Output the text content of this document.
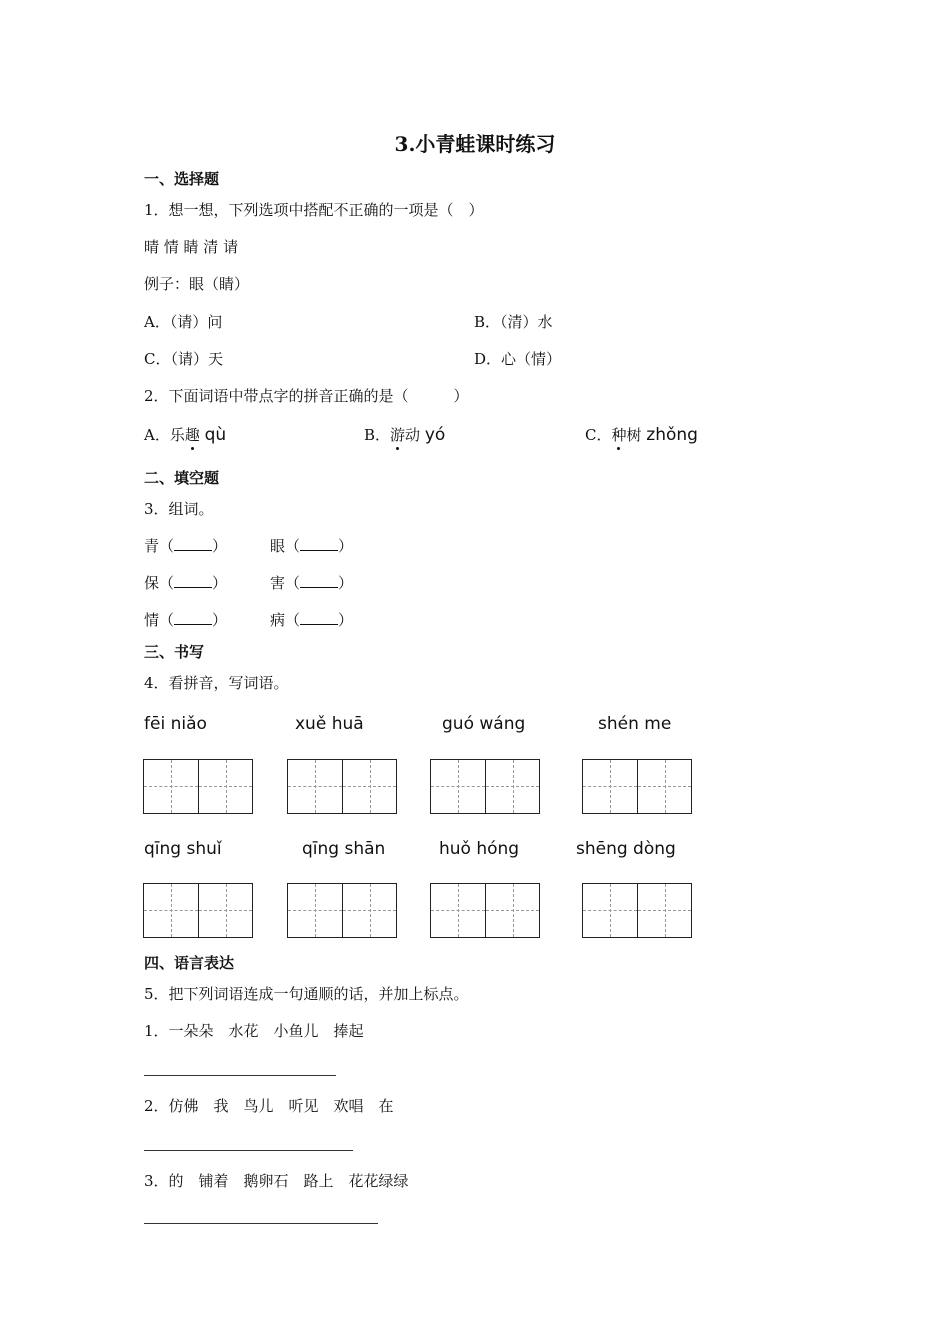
3.小青蛙课时练习
一、选择题
1．想一想，下列选项中搭配不正确的一项是（　）
晴 情 睛 清 请
例子：眼（睛）
A．（请）问	B．（清）水
C．（请）天	D．心（情）
2．下面词语中带点字的拼音正确的是（　　　）
A．乐趣 qù	B．游动 yó	C．种树 zhǒng
二、填空题
3．组词。
青（	）	眼（	）
保（	）	害（	）
情（	）	病（	）
三、书写
4．看拼音，写词语。
fēi niǎo	xuě huā	guó wáng	shén me
qīng shuǐ	qīng shān	huǒ hóng	shēng dòng
四、语言表达
5．把下列词语连成一句通顺的话，并加上标点。
1．一朵朵　水花　小鱼儿　捧起
2．仿佛　我　鸟儿　听见　欢唱　在
3．的　铺着　鹅卵石　路上　花花绿绿
